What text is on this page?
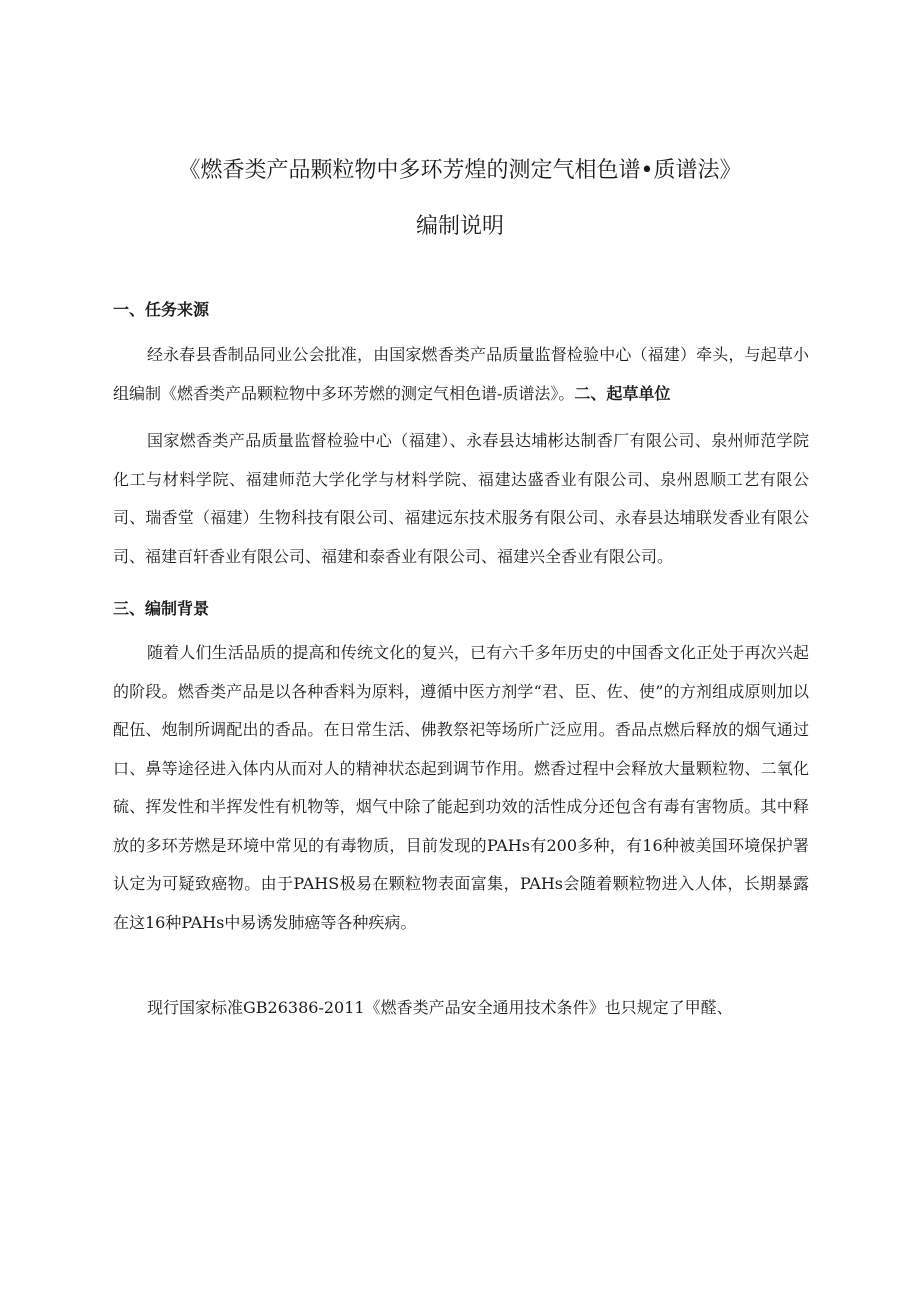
《燃香类产品颗粒物中多环芳煌的测定气相色谱•质谱法》
编制说明
一、任务来源

经永春县香制品同业公会批准，由国家燃香类产品质量监督检验中心（福建）牵头，与起草小组编制《燃香类产品颗粒物中多环芳燃的测定气相色谱-质谱法》。二、起草单位

国家燃香类产品质量监督检验中心（福建）、永春县达埔彬达制香厂有限公司、泉州师范学院化工与材料学院、福建师范大学化学与材料学院、福建达盛香业有限公司、泉州恩顺工艺有限公司、瑞香堂（福建）生物科技有限公司、福建远东技术服务有限公司、永春县达埔联发香业有限公司、福建百轩香业有限公司、福建和泰香业有限公司、福建兴全香业有限公司。

三、编制背景

随着人们生活品质的提高和传统文化的复兴，已有六千多年历史的中国香文化正处于再次兴起的阶段。燃香类产品是以各种香料为原料，遵循中医方剂学“君、臣、佐、使”的方剂组成原则加以配伍、炮制所调配出的香品。在日常生活、佛教祭祀等场所广泛应用。香品点燃后释放的烟气通过口、鼻等途径进入体内从而对人的精神状态起到调节作用。燃香过程中会释放大量颗粒物、二氧化硫、挥发性和半挥发性有机物等，烟气中除了能起到功效的活性成分还包含有毒有害物质。其中释放的多环芳燃是环境中常见的有毒物质，目前发现的PAHs有200多种，有16种被美国环境保护署认定为可疑致癌物。由于PAHS极易在颗粒物表面富集，PAHs会随着颗粒物进入人体，长期暴露在这16种PAHs中易诱发肺癌等各种疾病。

现行国家标准GB26386-2011《燃香类产品安全通用技术条件》也只规定了甲醛、
